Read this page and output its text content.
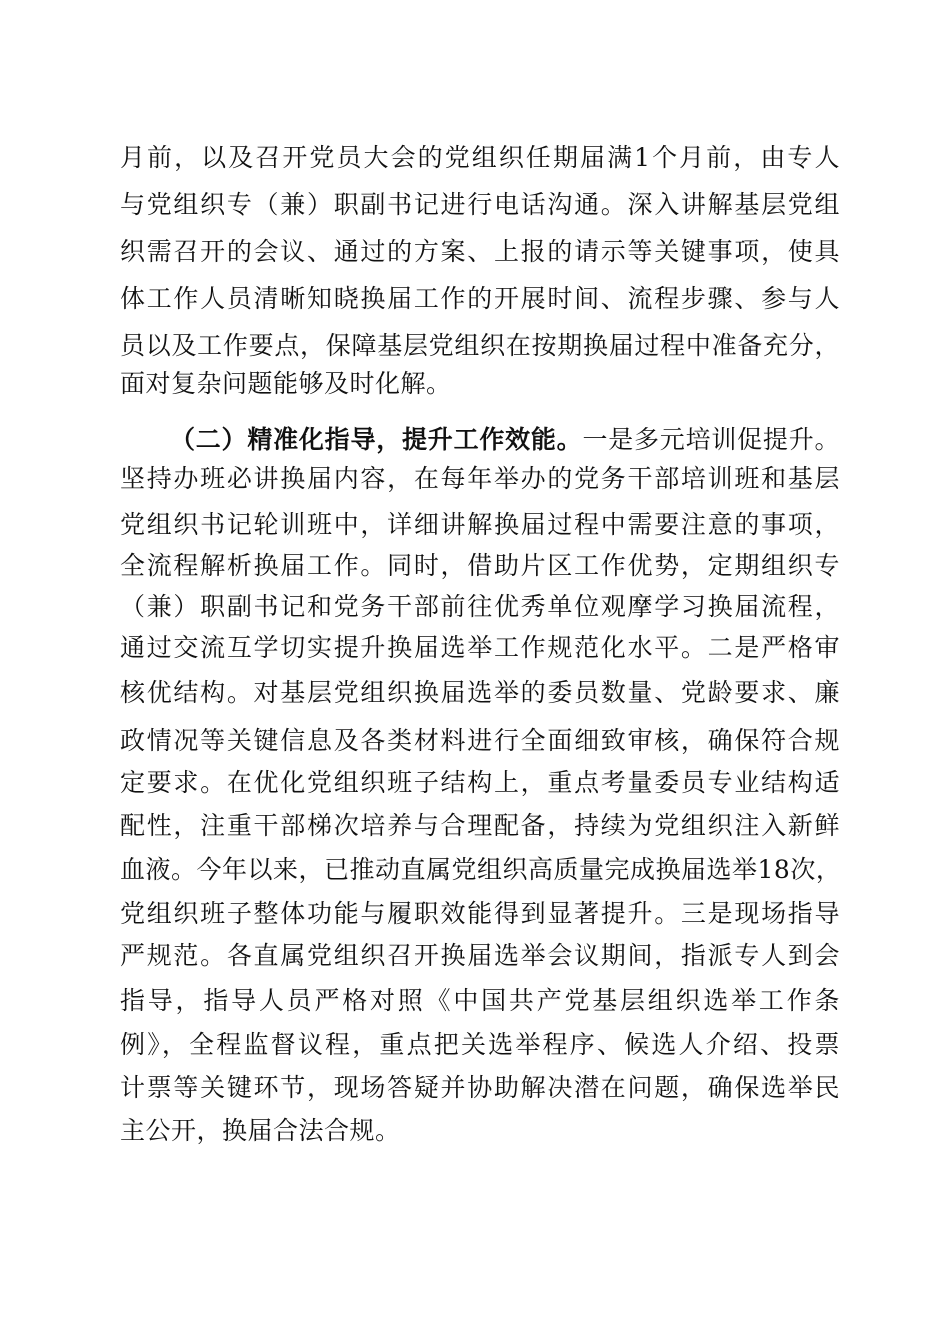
月前，以及召开党员大会的党组织任期届满1个月前，由专人
与党组织专（兼）职副书记进行电话沟通。深入讲解基层党组
织需召开的会议、通过的方案、上报的请示等关键事项，使具
体工作人员清晰知晓换届工作的开展时间、流程步骤、参与人
员以及工作要点，保障基层党组织在按期换届过程中准备充分，
面对复杂问题能够及时化解。
（二）精准化指导，提升工作效能。一是多元培训促提升。
坚持办班必讲换届内容，在每年举办的党务干部培训班和基层
党组织书记轮训班中，详细讲解换届过程中需要注意的事项，
全流程解析换届工作。同时，借助片区工作优势，定期组织专
（兼）职副书记和党务干部前往优秀单位观摩学习换届流程，
通过交流互学切实提升换届选举工作规范化水平。二是严格审
核优结构。对基层党组织换届选举的委员数量、党龄要求、廉
政情况等关键信息及各类材料进行全面细致审核，确保符合规
定要求。在优化党组织班子结构上，重点考量委员专业结构适
配性，注重干部梯次培养与合理配备，持续为党组织注入新鲜
血液。今年以来，已推动直属党组织高质量完成换届选举18次，
党组织班子整体功能与履职效能得到显著提升。三是现场指导
严规范。各直属党组织召开换届选举会议期间，指派专人到会
指导，指导人员严格对照《中国共产党基层组织选举工作条
例》，全程监督议程，重点把关选举程序、候选人介绍、投票
计票等关键环节，现场答疑并协助解决潜在问题，确保选举民
主公开，换届合法合规。
